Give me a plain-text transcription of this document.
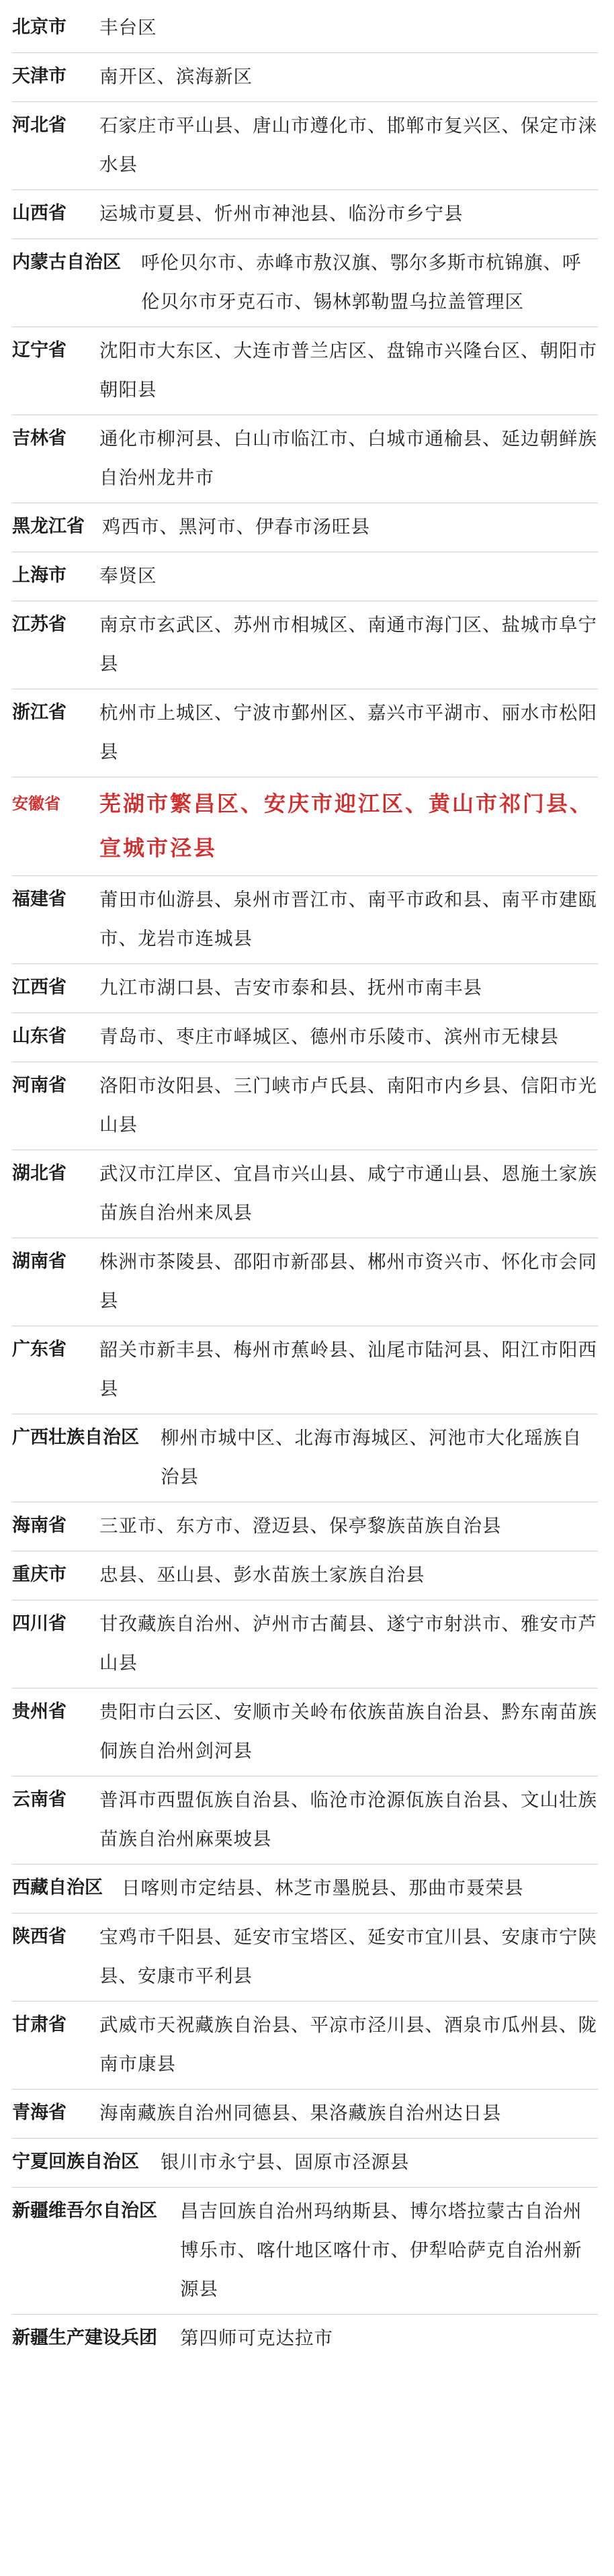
北京市	丰台区
天津市	南开区、滨海新区
河北省	石家庄市平山县、唐山市遵化市、邯郸市复兴区、保定市涞水县
山西省	运城市夏县、忻州市神池县、临汾市乡宁县
内蒙古自治区	呼伦贝尔市、赤峰市敖汉旗、鄂尔多斯市杭锦旗、呼伦贝尔市牙克石市、锡林郭勒盟乌拉盖管理区
辽宁省	沈阳市大东区、大连市普兰店区、盘锦市兴隆台区、朝阳市朝阳县
吉林省	通化市柳河县、白山市临江市、白城市通榆县、延边朝鲜族自治州龙井市
黑龙江省 鸡西市、黑河市、伊春市汤旺县
上海市	奉贤区
江苏省	南京市玄武区、苏州市相城区、南通市海门区、盐城市阜宁县
浙江省	杭州市上城区、宁波市鄞州区、嘉兴市平湖市、丽水市松阳县
安徽省	芜湖市繁昌区、安庆市迎江区、黄山市祁门县、宣城市泾县
福建省	莆田市仙游县、泉州市晋江市、南平市政和县、南平市建瓯市、龙岩市连城县
江西省	九江市湖口县、吉安市泰和县、抚州市南丰县
山东省	青岛市、枣庄市峄城区、德州市乐陵市、滨州市无棣县
河南省	洛阳市汝阳县、三门峡市卢氏县、南阳市内乡县、信阳市光山县
湖北省	武汉市江岸区、宜昌市兴山县、咸宁市通山县、恩施土家族苗族自治州来凤县
湖南省	株洲市茶陵县、邵阳市新邵县、郴州市资兴市、怀化市会同县
广东省	韶关市新丰县、梅州市蕉岭县、汕尾市陆河县、阳江市阳西县
广西壮族自治区	柳州市城中区、北海市海城区、河池市大化瑶族自治县
海南省	三亚市、东方市、澄迈县、保亭黎族苗族自治县
重庆市	忠县、巫山县、彭水苗族土家族自治县
四川省	甘孜藏族自治州、泸州市古蔺县、遂宁市射洪市、雅安市芦山县
贵州省	贵阳市白云区、安顺市关岭布依族苗族自治县、黔东南苗族侗族自治州剑河县
云南省	普洱市西盟佤族自治县、临沧市沧源佤族自治县、文山壮族苗族自治州麻栗坡县
西藏自治区	日喀则市定结县、林芝市墨脱县、那曲市聂荣县
陕西省	宝鸡市千阳县、延安市宝塔区、延安市宜川县、安康市宁陕县、安康市平利县
甘肃省	武威市天祝藏族自治县、平凉市泾川县、酒泉市瓜州县、陇南市康县
青海省	海南藏族自治州同德县、果洛藏族自治州达日县
宁夏回族自治区	银川市永宁县、固原市泾源县
新疆维吾尔自治区	昌吉回族自治州玛纳斯县、博尔塔拉蒙古自治州博乐市、喀什地区喀什市、伊犁哈萨克自治州新源县
新疆生产建设兵团	第四师可克达拉市
